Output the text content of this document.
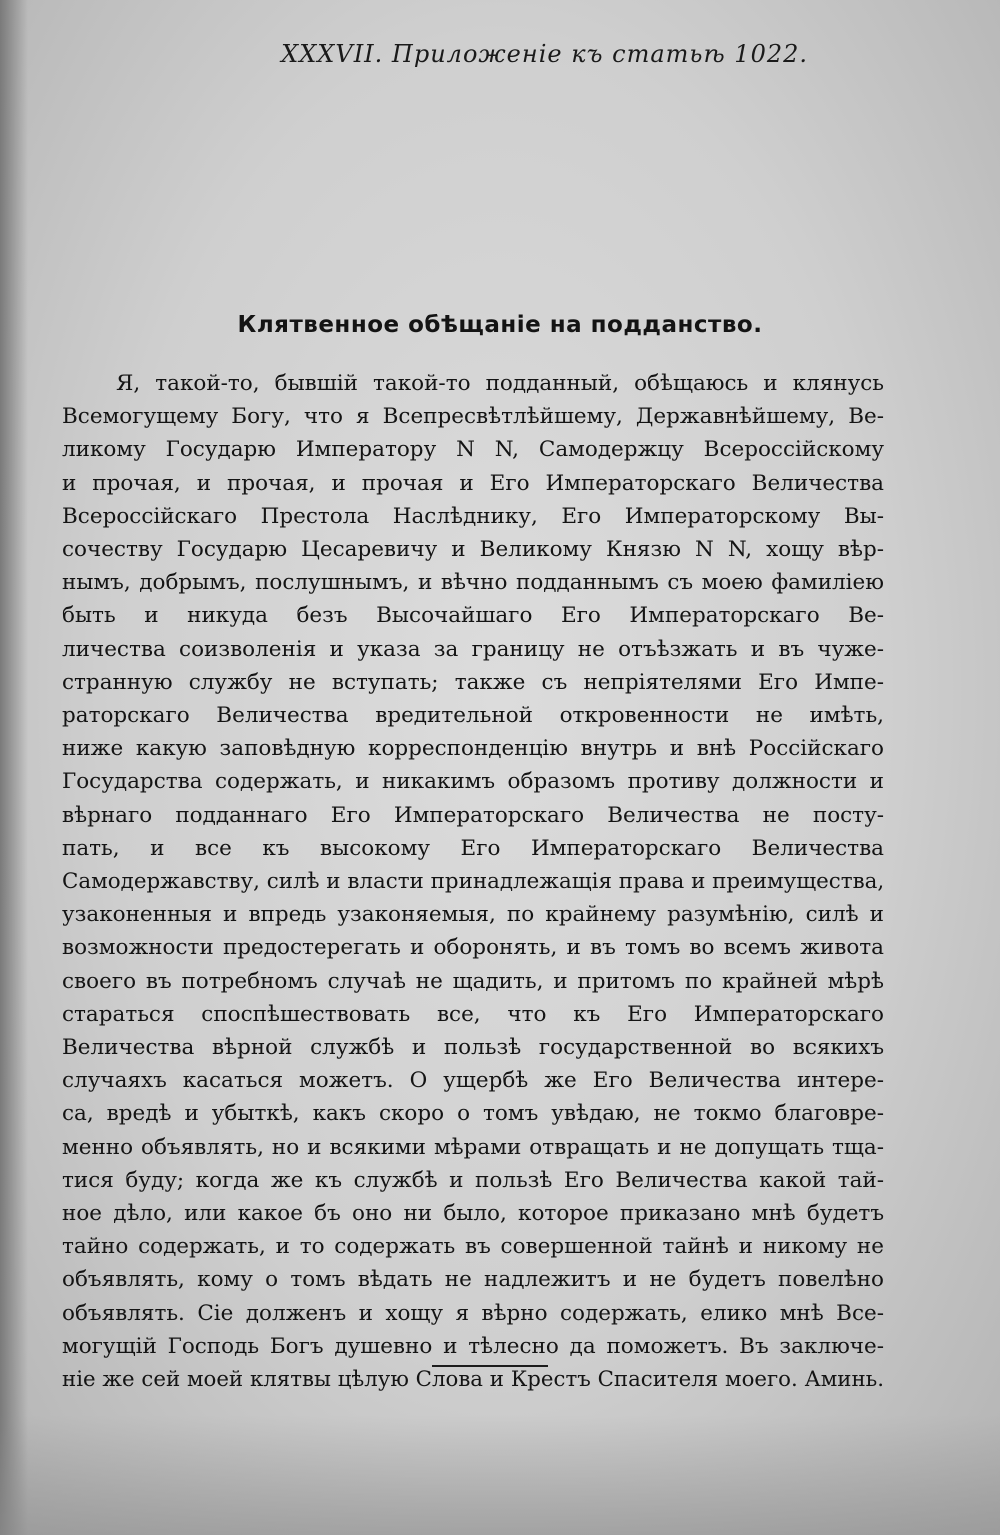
XXXVII. Приложеніе къ статьѣ 1022.
Клятвенное обѣщаніе на подданство.
Я, такой-то, бывшій такой-то подданный, обѣщаюсь и клянусь
Всемогущему Богу, что я Всепресвѣтлѣйшему, Державнѣйшему, Ве-
ликому Государю Императору N N, Самодержцу Всероссійскому
и прочая, и прочая, и прочая и Его Императорскаго Величества
Всероссійскаго Престола Наслѣднику, Его Императорскому Вы-
сочеству Государю Цесаревичу и Великому Князю N N, хощу вѣр-
нымъ, добрымъ, послушнымъ, и вѣчно подданнымъ съ моею фамиліею
быть и никуда безъ Высочайшаго Его Императорскаго Ве-
личества соизволенія и указа за границу не отъѣзжать и въ чуже-
странную службу не вступать; также съ непріятелями Его Импе-
раторскаго Величества вредительной откровенности не имѣть,
ниже какую заповѣдную корреспонденцію внутрь и внѣ Россійскаго
Государства содержать, и никакимъ образомъ противу должности и
вѣрнаго подданнаго Его Императорскаго Величества не посту-
пать, и все къ высокому Его Императорскаго Величества
Самодержавству, силѣ и власти принадлежащія права и преимущества,
узаконенныя и впредь узаконяемыя, по крайнему разумѣнію, силѣ и
возможности предостерегать и оборонять, и въ томъ во всемъ живота
своего въ потребномъ случаѣ не щадить, и притомъ по крайней мѣрѣ
стараться споспѣшествовать все, что къ Его Императорскаго
Величества вѣрной службѣ и пользѣ государственной во всякихъ
случаяхъ касаться можетъ. О ущербѣ же Его Величества интере-
са, вредѣ и убыткѣ, какъ скоро о томъ увѣдаю, не токмо благовре-
менно объявлять, но и всякими мѣрами отвращать и не допущать тща-
тися буду; когда же къ службѣ и пользѣ Его Величества какой тай-
ное дѣло, или какое бъ оно ни было, которое приказано мнѣ будетъ
тайно содержать, и то содержать въ совершенной тайнѣ и никому не
объявлять, кому о томъ вѣдать не надлежитъ и не будетъ повелѣно
объявлять. Сіе долженъ и хощу я вѣрно содержать, елико мнѣ Все-
могущій Господь Богъ душевно и тѣлесно да поможетъ. Въ заключе-
ніе же сей моей клятвы цѣлую Слова и Крестъ Спасителя моего. Аминь.
